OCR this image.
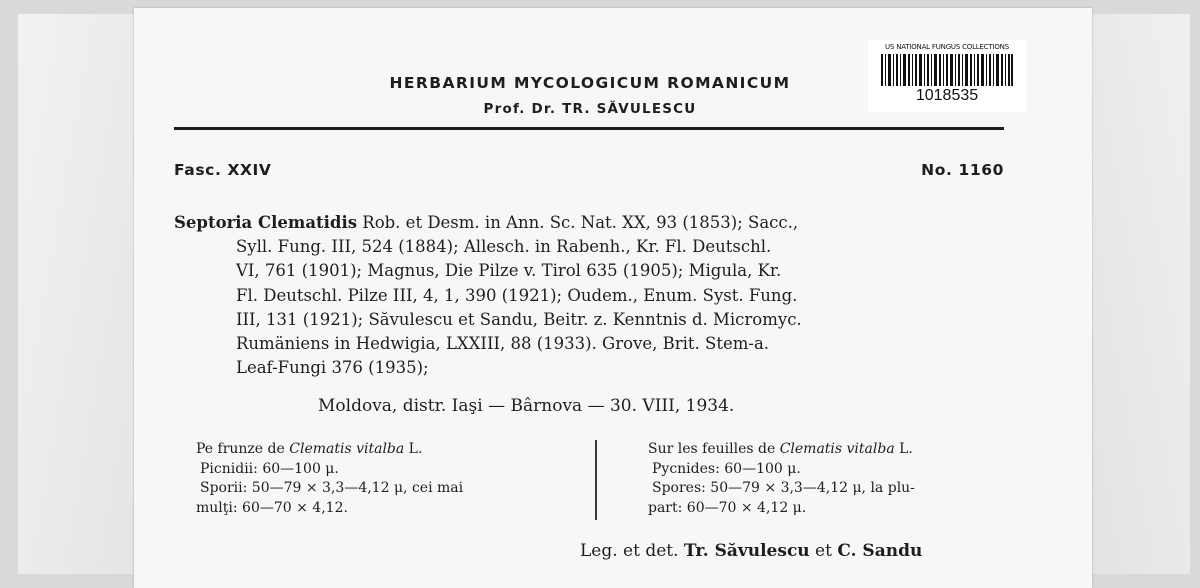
US NATIONAL FUNGUS COLLECTIONS
1018535
HERBARIUM MYCOLOGICUM ROMANICUM
Prof. Dr. TR. SĂVULESCU
Fasc. XXIV	No. 1160
Septoria Clematidis Rob. et Desm. in Ann. Sc. Nat. XX, 93 (1853); Sacc.,
Syll. Fung. III, 524 (1884); Allesch. in Rabenh., Kr. Fl. Deutschl.
VI, 761 (1901); Magnus, Die Pilze v. Tirol 635 (1905); Migula, Kr.
Fl. Deutschl. Pilze III, 4, 1, 390 (1921); Oudem., Enum. Syst. Fung.
III, 131 (1921); Săvulescu et Sandu, Beitr. z. Kenntnis d. Micromyc.
Rumäniens in Hedwigia, LXXIII, 88 (1933). Grove, Brit. Stem-a.
Leaf-Fungi 376 (1935);
Moldova, distr. Iaşi — Bârnova — 30. VIII, 1934.
Pe frunze de Clematis vitalba L.
Picnidii: 60—100 μ.
Sporii: 50—79 × 3,3—4,12 μ, cei mai
mulţi: 60—70 × 4,12.
Sur les feuilles de Clematis vitalba L.
Pycnides: 60—100 μ.
Spores: 50—79 × 3,3—4,12 μ, la plu-
part: 60—70 × 4,12 μ.
Leg. et det. Tr. Săvulescu et C. Sandu
